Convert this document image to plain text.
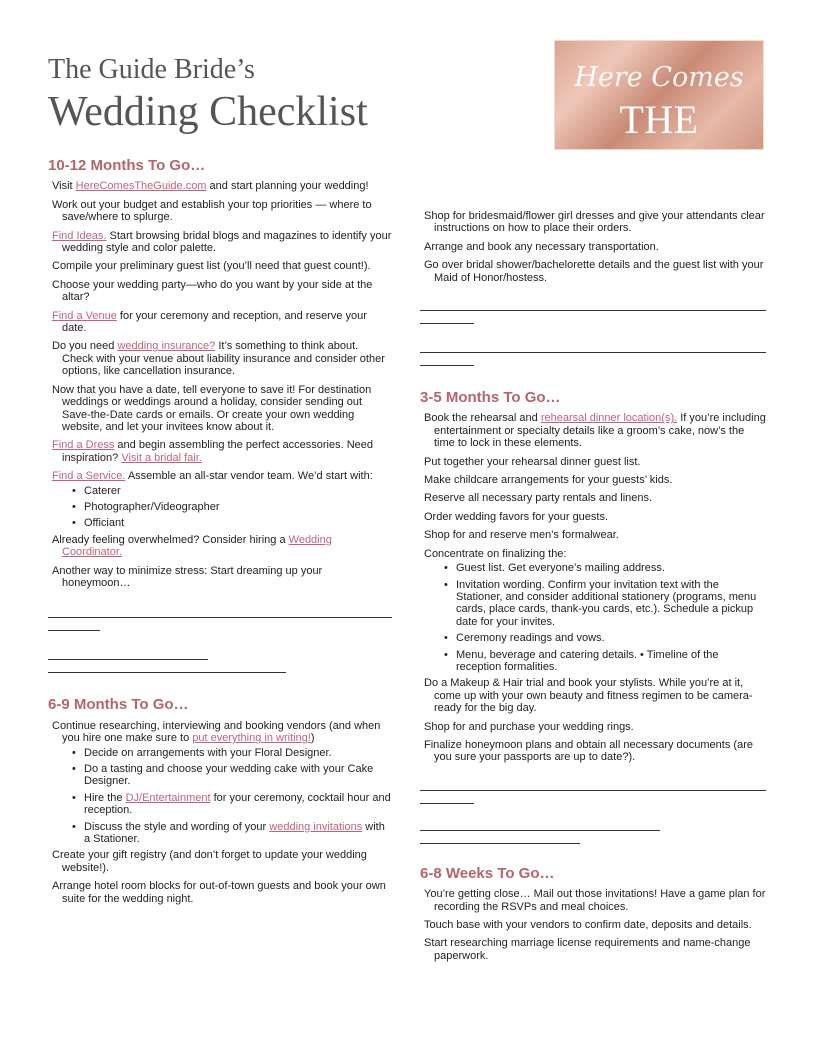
The Guide Bride’s
Wedding Checklist
Here Comes
THE GUIDE
10-12 Months To Go…
Visit HereComesTheGuide.com and start planning your wedding!
Work out your budget and establish your top priorities — where to save/where to splurge.
Find Ideas. Start browsing bridal blogs and magazines to identify your wedding style and color palette.
Compile your preliminary guest list (you’ll need that guest count!).
Choose your wedding party—who do you want by your side at the altar?
Find a Venue for your ceremony and reception, and reserve your date.
Do you need wedding insurance? It’s something to think about. Check with your venue about liability insurance and consider other options, like cancellation insurance.
Now that you have a date, tell everyone to save it! For destination weddings or weddings around a holiday, consider sending out Save-the-Date cards or emails. Or create your own wedding website, and let your invitees know about it.
Find a Dress and begin assembling the perfect accessories. Need inspiration? Visit a bridal fair.
Find a Service. Assemble an all-star vendor team. We’d start with:
• Caterer
• Photographer/Videographer
• Officiant
Already feeling overwhelmed? Consider hiring a Wedding Coordinator.
Another way to minimize stress: Start dreaming up your honeymoon…
6-9 Months To Go…
Continue researching, interviewing and booking vendors (and when you hire one make sure to put everything in writing!)
• Decide on arrangements with your Floral Designer.
• Do a tasting and choose your wedding cake with your Cake Designer.
• Hire the DJ/Entertainment for your ceremony, cocktail hour and reception.
• Discuss the style and wording of your wedding invitations with a Stationer.
Create your gift registry (and don’t forget to update your wedding website!).
Arrange hotel room blocks for out-of-town guests and book your own suite for the wedding night.
Shop for bridesmaid/flower girl dresses and give your attendants clear instructions on how to place their orders.
Arrange and book any necessary transportation.
Go over bridal shower/bachelorette details and the guest list with your Maid of Honor/hostess.
3-5 Months To Go…
Book the rehearsal and rehearsal dinner location(s). If you’re including entertainment or specialty details like a groom’s cake, now’s the time to lock in these elements.
Put together your rehearsal dinner guest list.
Make childcare arrangements for your guests’ kids.
Reserve all necessary party rentals and linens.
Order wedding favors for your guests.
Shop for and reserve men’s formalwear.
Concentrate on finalizing the:
• Guest list. Get everyone’s mailing address.
• Invitation wording. Confirm your invitation text with the Stationer, and consider additional stationery (programs, menu cards, place cards, thank-you cards, etc.). Schedule a pickup date for your invites.
• Ceremony readings and vows.
• Menu, beverage and catering details. • Timeline of the reception formalities.
Do a Makeup & Hair trial and book your stylists. While you’re at it, come up with your own beauty and fitness regimen to be camera-ready for the big day.
Shop for and purchase your wedding rings.
Finalize honeymoon plans and obtain all necessary documents (are you sure your passports are up to date?).
6-8 Weeks To Go…
You’re getting close… Mail out those invitations! Have a game plan for recording the RSVPs and meal choices.
Touch base with your vendors to confirm date, deposits and details.
Start researching marriage license requirements and name-change paperwork.
